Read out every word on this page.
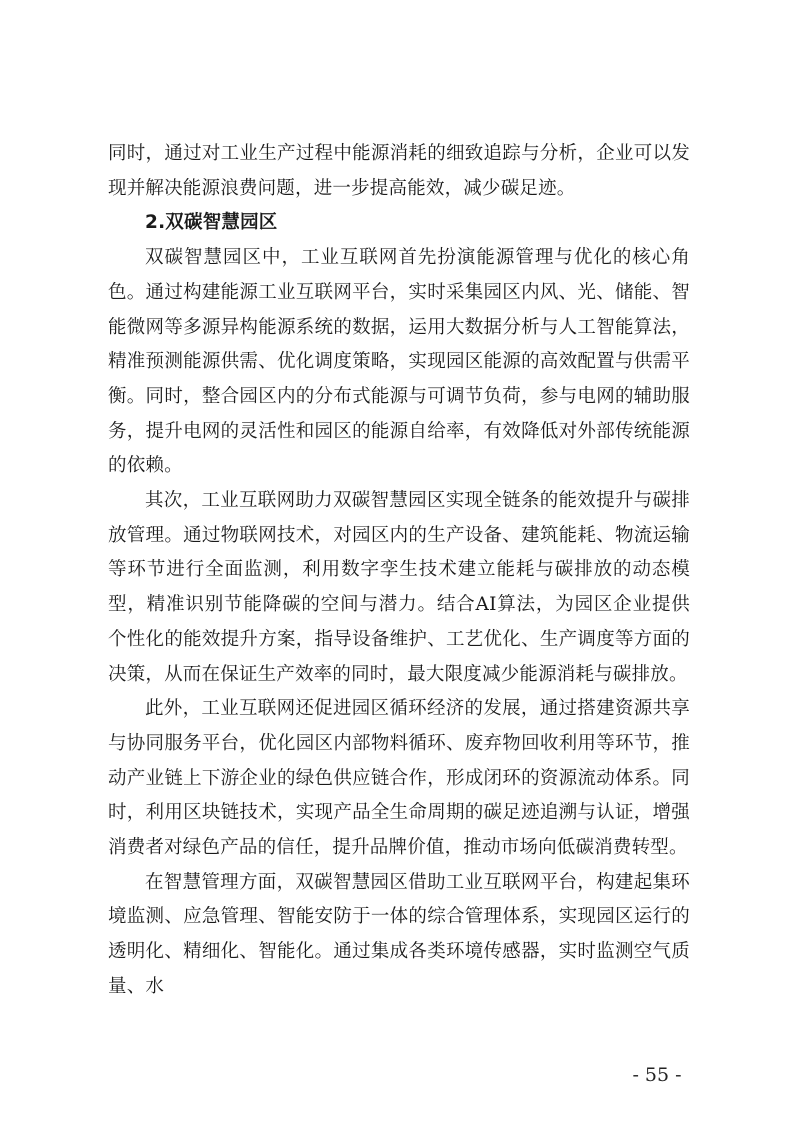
同时，通过对工业生产过程中能源消耗的细致追踪与分析，企业可以发现并解决能源浪费问题，进一步提高能效，减少碳足迹。

2.双碳智慧园区

双碳智慧园区中，工业互联网首先扮演能源管理与优化的核心角色。通过构建能源工业互联网平台，实时采集园区内风、光、储能、智能微网等多源异构能源系统的数据，运用大数据分析与人工智能算法，精准预测能源供需、优化调度策略，实现园区能源的高效配置与供需平衡。同时，整合园区内的分布式能源与可调节负荷，参与电网的辅助服务，提升电网的灵活性和园区的能源自给率，有效降低对外部传统能源的依赖。

其次，工业互联网助力双碳智慧园区实现全链条的能效提升与碳排放管理。通过物联网技术，对园区内的生产设备、建筑能耗、物流运输等环节进行全面监测，利用数字孪生技术建立能耗与碳排放的动态模型，精准识别节能降碳的空间与潜力。结合AI算法，为园区企业提供个性化的能效提升方案，指导设备维护、工艺优化、生产调度等方面的决策，从而在保证生产效率的同时，最大限度减少能源消耗与碳排放。

此外，工业互联网还促进园区循环经济的发展，通过搭建资源共享与协同服务平台，优化园区内部物料循环、废弃物回收利用等环节，推动产业链上下游企业的绿色供应链合作，形成闭环的资源流动体系。同时，利用区块链技术，实现产品全生命周期的碳足迹追溯与认证，增强消费者对绿色产品的信任，提升品牌价值，推动市场向低碳消费转型。

在智慧管理方面，双碳智慧园区借助工业互联网平台，构建起集环境监测、应急管理、智能安防于一体的综合管理体系，实现园区运行的透明化、精细化、智能化。通过集成各类环境传感器，实时监测空气质量、水

- 55 -
